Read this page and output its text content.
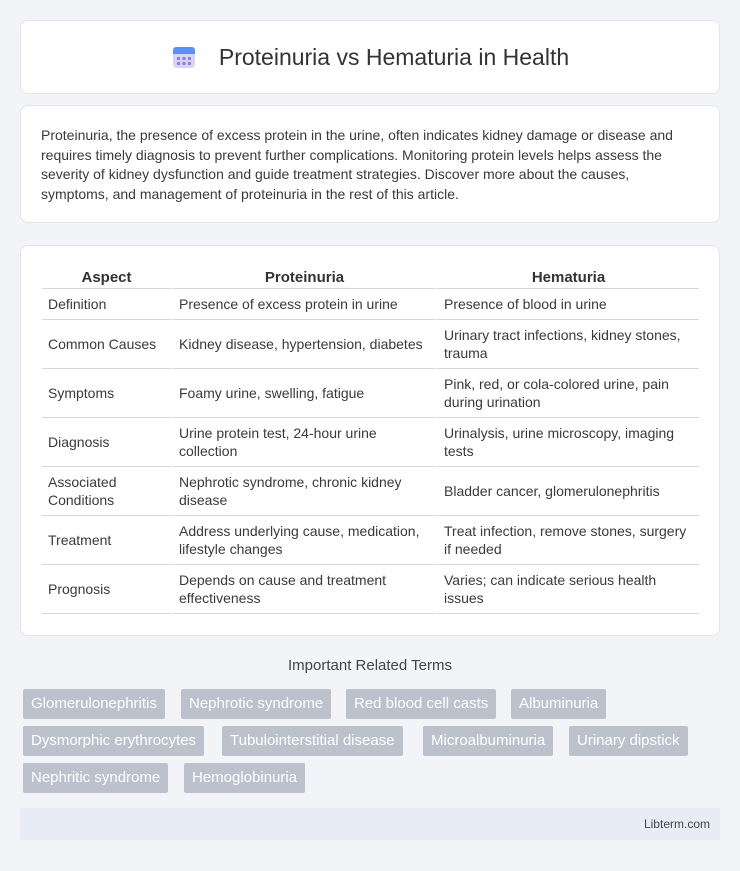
Proteinuria vs Hematuria in Health

Proteinuria, the presence of excess protein in the urine, often indicates kidney damage or disease and requires timely diagnosis to prevent further complications. Monitoring protein levels helps assess the severity of kidney dysfunction and guide treatment strategies. Discover more about the causes, symptoms, and management of proteinuria in the rest of this article.

Aspect	Proteinuria	Hematuria
Definition	Presence of excess protein in urine	Presence of blood in urine
Common Causes	Kidney disease, hypertension, diabetes	Urinary tract infections, kidney stones, trauma
Symptoms	Foamy urine, swelling, fatigue	Pink, red, or cola-colored urine, pain during urination
Diagnosis	Urine protein test, 24-hour urine collection	Urinalysis, urine microscopy, imaging tests
Associated Conditions	Nephrotic syndrome, chronic kidney disease	Bladder cancer, glomerulonephritis
Treatment	Address underlying cause, medication, lifestyle changes	Treat infection, remove stones, surgery if needed
Prognosis	Depends on cause and treatment effectiveness	Varies; can indicate serious health issues
Important Related Terms
Glomerulonephritis	Nephrotic syndrome	Red blood cell casts	Albuminuria
Dysmorphic erythrocytes	Tubulointerstitial disease	Microalbuminuria	Urinary dipstick
Nephritic syndrome	Hemoglobinuria
Libterm.com
